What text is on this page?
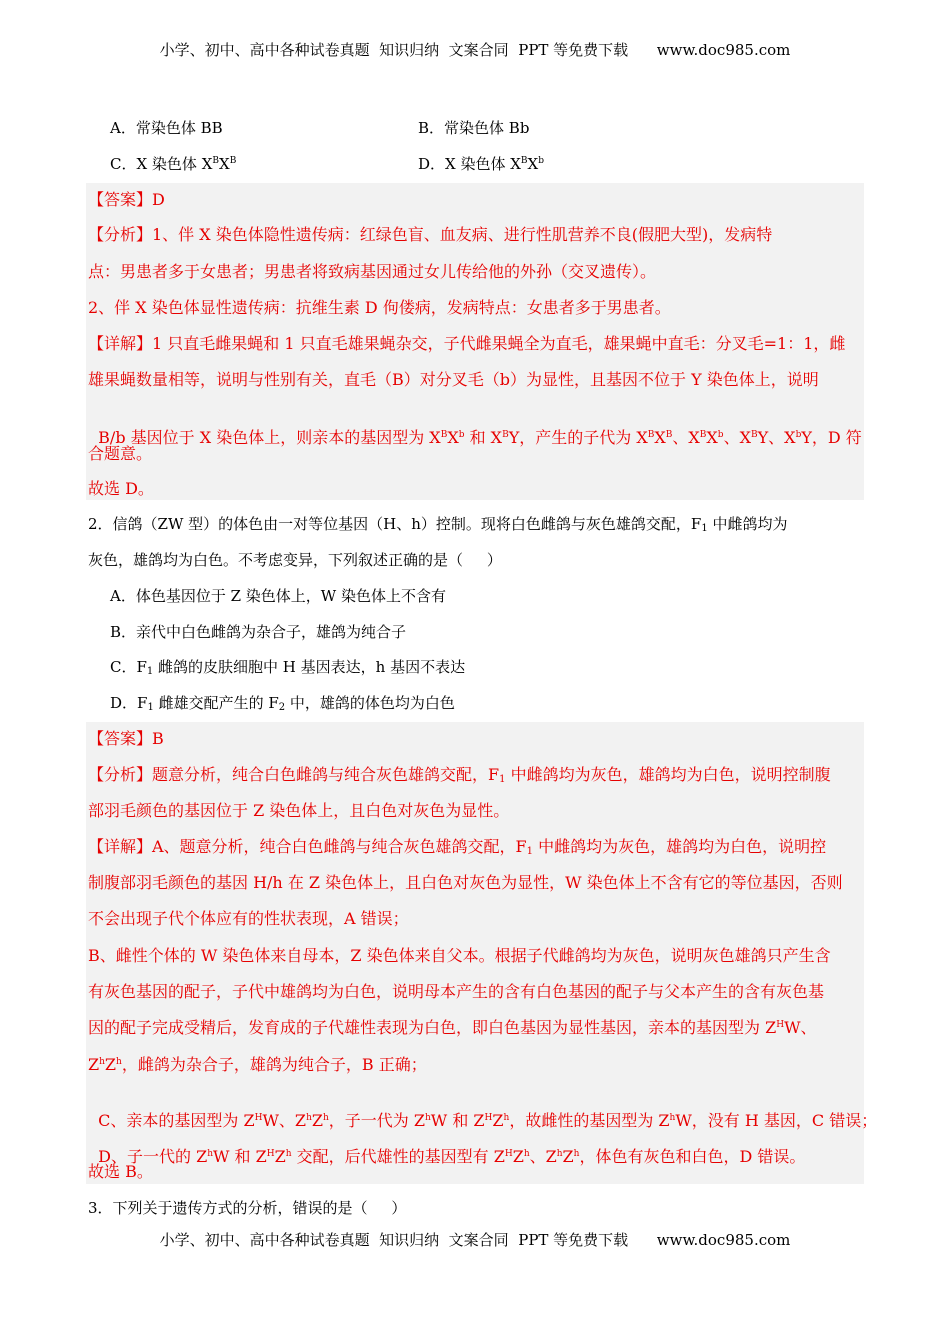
小学、初中、高中各种试卷真题  知识归纳  文案合同  PPT 等免费下载      www.doc985.com
A．常染色体 BB	B．常染色体 Bb
C．X 染色体 $X^BX^B$	D．X 染色体 $X^BX^b$
【答案】D
【分析】1、伴 X 染色体隐性遗传病：红绿色盲、血友病、进行性肌营养不良(假肥大型)，发病特
点：男患者多于女患者；男患者将致病基因通过女儿传给他的外孙（交叉遗传）。
2、伴 X 染色体显性遗传病：抗维生素 D 佝偻病，发病特点：女患者多于男患者。
【详解】1 只直毛雌果蝇和 1 只直毛雄果蝇杂交，子代雌果蝇全为直毛，雄果蝇中直毛：分叉毛=1：1，雌
雄果蝇数量相等，说明与性别有关，直毛（B）对分叉毛（b）为显性，且基因不位于 Y 染色体上，说明

B/b 基因位于 X 染色体上，则亲本的基因型为 $X^BX^b$ 和 $X^BY$，产生的子代为 $X^BX^B$、$X^BX^b$、$X^BY$、$X^bY$，D 符

合题意。
故选 D。
2．信鸽（ZW 型）的体色由一对等位基因（H、h）控制。现将白色雌鸽与灰色雄鸽交配，$F_1$ 中雌鸽均为
灰色，雄鸽均为白色。不考虑变异，下列叙述正确的是（     ）
A．体色基因位于 Z 染色体上，W 染色体上不含有
B．亲代中白色雌鸽为杂合子，雄鸽为纯合子
C．$F_1$ 雌鸽的皮肤细胞中 H 基因表达，h 基因不表达
D．$F_1$ 雌雄交配产生的 $F_2$ 中，雄鸽的体色均为白色
【答案】B
【分析】题意分析，纯合白色雌鸽与纯合灰色雄鸽交配，$F_1$ 中雌鸽均为灰色，雄鸽均为白色，说明控制腹
部羽毛颜色的基因位于 Z 染色体上，且白色对灰色为显性。
【详解】A、题意分析，纯合白色雌鸽与纯合灰色雄鸽交配，$F_1$ 中雌鸽均为灰色，雄鸽均为白色，说明控
制腹部羽毛颜色的基因 H/h 在 Z 染色体上，且白色对灰色为显性，W 染色体上不含有它的等位基因，否则
不会出现子代个体应有的性状表现，A 错误；
B、雌性个体的 W 染色体来自母本，Z 染色体来自父本。根据子代雌鸽均为灰色，说明灰色雄鸽只产生含
有灰色基因的配子，子代中雄鸽均为白色，说明母本产生的含有白色基因的配子与父本产生的含有灰色基
因的配子完成受精后，发育成的子代雄性表现为白色，即白色基因为显性基因，亲本的基因型为 $Z^HW$、
$Z^hZ^h$，雌鸽为杂合子，雄鸽为纯合子，B 正确；

C、亲本的基因型为 $Z^HW$、$Z^hZ^h$，子一代为 $Z^hW$ 和 $Z^HZ^h$，故雌性的基因型为 $Z^hW$，没有 H 基因，C 错误；

D、子一代的 $Z^hW$ 和 $Z^HZ^h$ 交配，后代雄性的基因型有 $Z^HZ^h$、$Z^hZ^h$，体色有灰色和白色，D 错误。

故选 B。
3．下列关于遗传方式的分析，错误的是（     ）
小学、初中、高中各种试卷真题  知识归纳  文案合同  PPT 等免费下载      www.doc985.com
